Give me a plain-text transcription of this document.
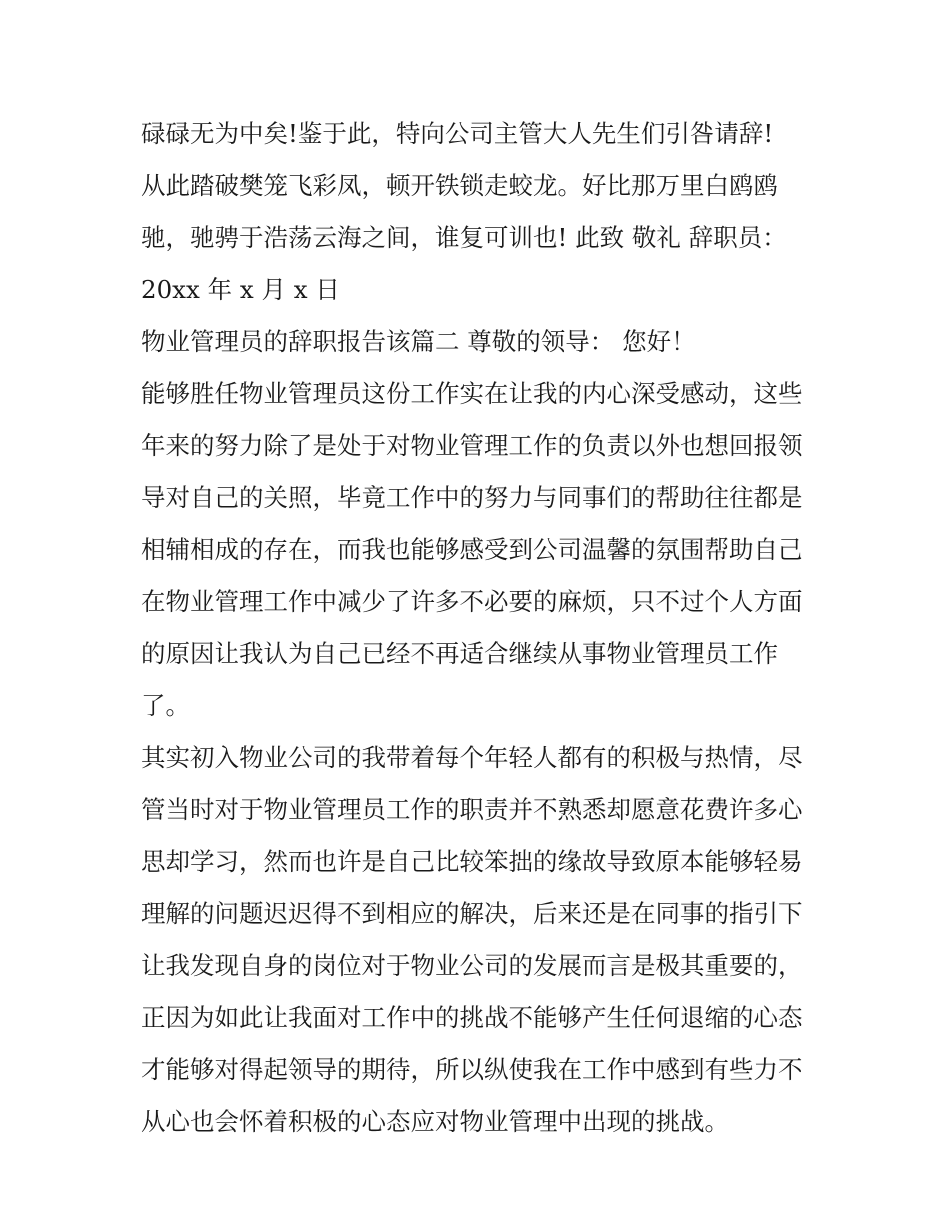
碌碌无为中矣!鉴于此，特向公司主管大人先生们引咎请辞!

从此踏破樊笼飞彩凤，顿开铁锁走蛟龙。好比那万里白鸥鸥

驰，驰骋于浩荡云海之间，谁复可训也! 此致 敬礼 辞职员：

20xx 年 x 月 x 日

物业管理员的辞职报告该篇二 尊敬的领导： 您好！

能够胜任物业管理员这份工作实在让我的内心深受感动，这些

年来的努力除了是处于对物业管理工作的负责以外也想回报领

导对自己的关照，毕竟工作中的努力与同事们的帮助往往都是

相辅相成的存在，而我也能够感受到公司温馨的氛围帮助自己

在物业管理工作中减少了许多不必要的麻烦，只不过个人方面

的原因让我认为自己已经不再适合继续从事物业管理员工作

了。

其实初入物业公司的我带着每个年轻人都有的积极与热情，尽

管当时对于物业管理员工作的职责并不熟悉却愿意花费许多心

思却学习，然而也许是自己比较笨拙的缘故导致原本能够轻易

理解的问题迟迟得不到相应的解决，后来还是在同事的指引下

让我发现自身的岗位对于物业公司的发展而言是极其重要的，

正因为如此让我面对工作中的挑战不能够产生任何退缩的心态

才能够对得起领导的期待，所以纵使我在工作中感到有些力不

从心也会怀着积极的心态应对物业管理中出现的挑战。
